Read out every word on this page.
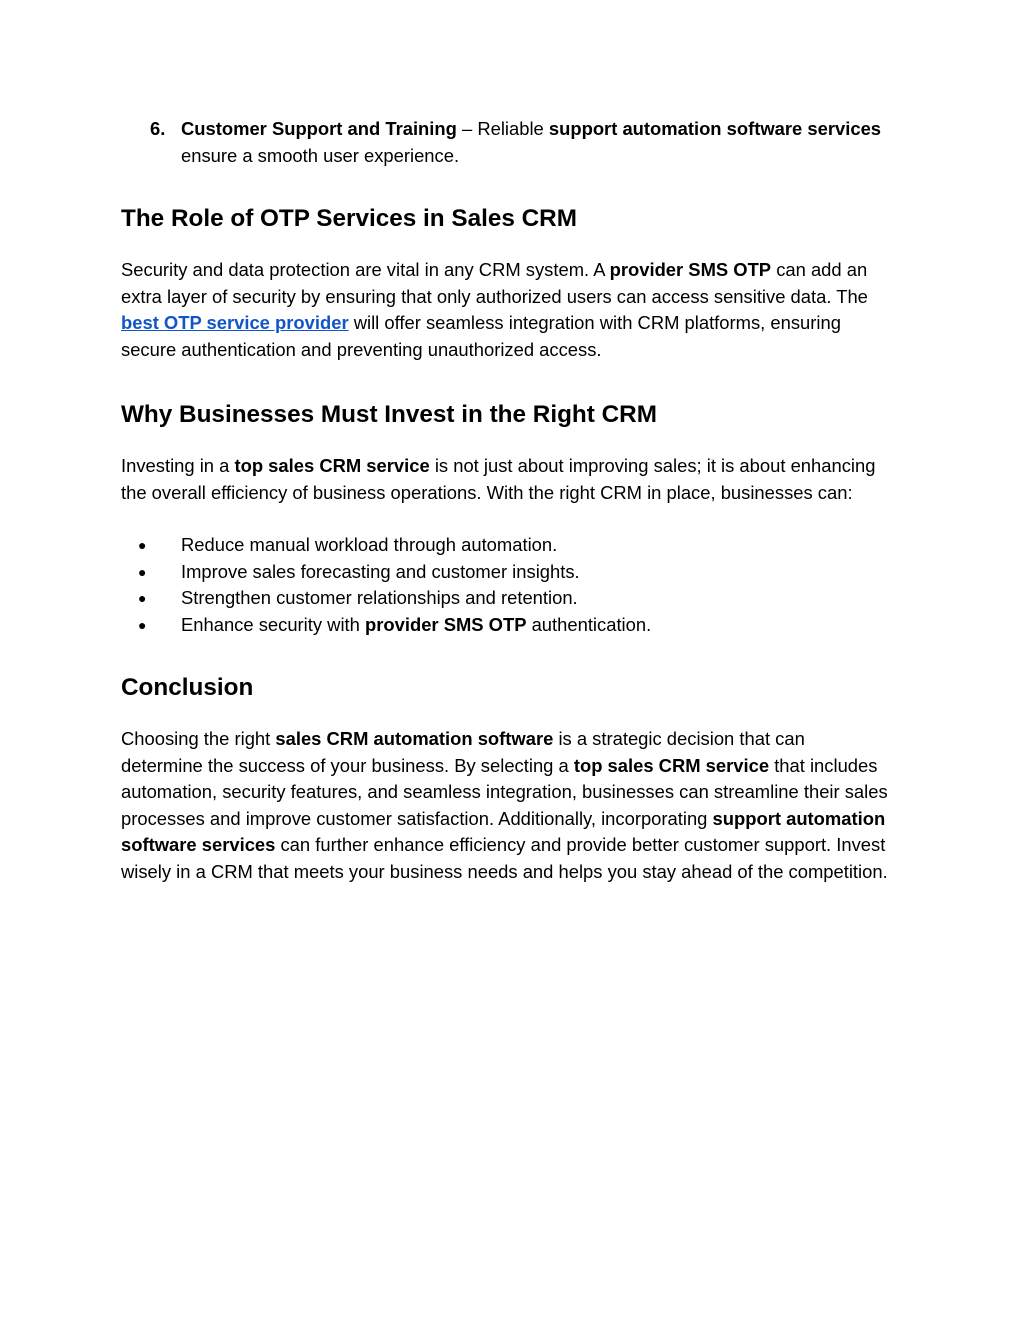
6. Customer Support and Training – Reliable support automation software services ensure a smooth user experience.
The Role of OTP Services in Sales CRM

Security and data protection are vital in any CRM system. A provider SMS OTP can add an extra layer of security by ensuring that only authorized users can access sensitive data. The best OTP service provider will offer seamless integration with CRM platforms, ensuring secure authentication and preventing unauthorized access.

Why Businesses Must Invest in the Right CRM

Investing in a top sales CRM service is not just about improving sales; it is about enhancing the overall efficiency of business operations. With the right CRM in place, businesses can:

●	Reduce manual workload through automation.
●	Improve sales forecasting and customer insights.
●	Strengthen customer relationships and retention.
●	Enhance security with provider SMS OTP authentication.
Conclusion

Choosing the right sales CRM automation software is a strategic decision that can determine the success of your business. By selecting a top sales CRM service that includes automation, security features, and seamless integration, businesses can streamline their sales processes and improve customer satisfaction. Additionally, incorporating support automation software services can further enhance efficiency and provide better customer support. Invest wisely in a CRM that meets your business needs and helps you stay ahead of the competition.
